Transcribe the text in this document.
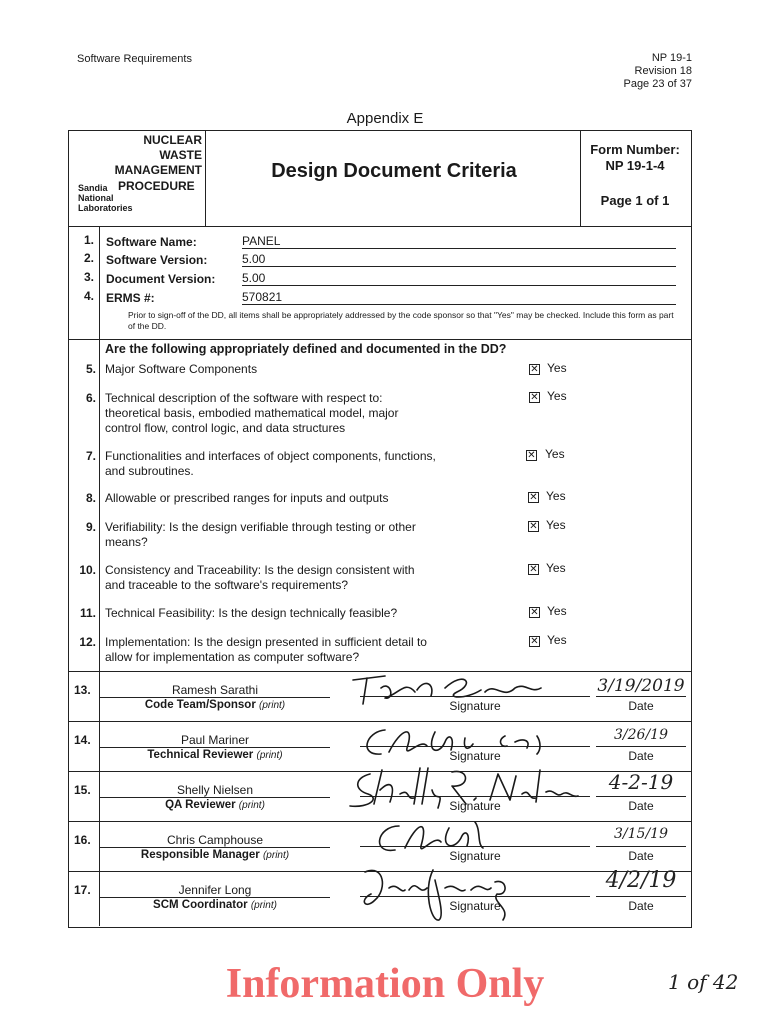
Software Requirements	NP 19-1
Revision 18
Page 23 of 37
Appendix E
NUCLEAR
WASTE
MANAGEMENT
Sandia
National
Laboratories
PROCEDURE
Design Document Criteria
Form Number:
NP 19-1-4
Page 1 of 1
1. Software Name:	PANEL
2. Software Version:	5.00
3. Document Version: 5.00
4. ERMS #:	570821
Prior to sign-off of the DD, all items shall be appropriately addressed by the code sponsor so that "Yes" may be checked. Include this form as part of the DD.
Are the following appropriately defined and documented in the DD?
5. Major Software Components	✕ Yes
6. Technical description of the software with respect to:
theoretical basis, embodied mathematical model, major
control flow, control logic, and data structures
✕ Yes
7. Functionalities and interfaces of object components, functions,
and subroutines.
✕ Yes
8. Allowable or prescribed ranges for inputs and outputs	✕ Yes
9. Verifiability: Is the design verifiable through testing or other
means?
✕ Yes
10. Consistency and Traceability: Is the design consistent with
and traceable to the software's requirements?
✕ Yes
11. Technical Feasibility: Is the design technically feasible?	✕ Yes
12. Implementation: Is the design presented in sufficient detail to
allow for implementation as computer software?
✕ Yes
13.	Ramesh Sarathi
Code Team/Sponsor (print)	Signature
3/19/2019
Date
14.	Paul Mariner
Technical Reviewer (print)	Signature
3/26/19
Date
15.	Shelly Nielsen
QA Reviewer (print)	Signature
4-2-19
Date
16.	Chris Camphouse
Responsible Manager (print)	Signature
3/15/19
Date
17.	Jennifer Long
SCM Coordinator (print)	Signature
4/2/19
Date
Information Only	1 of 42
